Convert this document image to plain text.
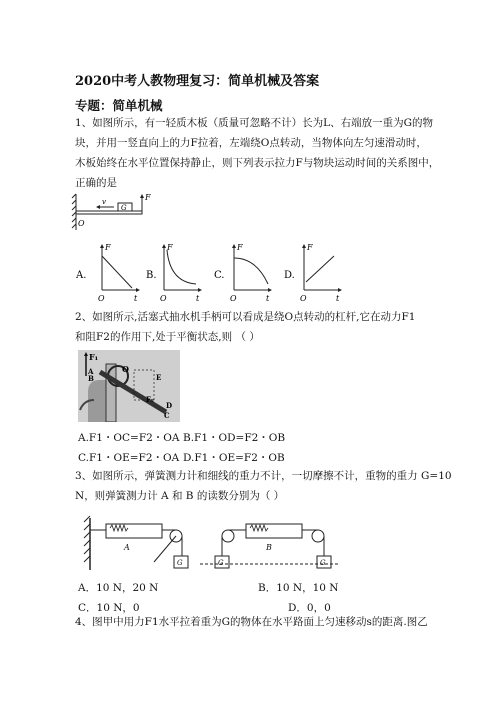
2020中考人教物理复习：简单机械及答案
专题：简单机械
1、如图所示，有一轻质木板（质量可忽略不计）长为L、右端放一重为G的物
块，并用一竖直向上的力F拉着，左端绕O点转动，当物体向左匀速滑动时，
木板始终在水平位置保持静止，则下列表示拉力F与物块运动时间的关系图中，
正确的是
G
F
v
O
A.
F
O	t
B.
F
O	t
C.
F
O	t
D.
F
O	t
2、如图所示,活塞式抽水机手柄可以看成是绕O点转动的杠杆,它在动力F1
和阻F2的作用下,处于平衡状态,则 （ ）
F₁
A
B
O
E
D
C
F₂
A.F1・OC=F2・OA B.F1・OD=F2・OB
C.F1・OE=F2・OA D.F1・OE=F2・OB
3、如图所示，弹簧测力计和细线的重力不计，一切摩擦不计，重物的重力 G=10
N，则弹簧测力计 A 和 B 的读数分别为（ ）
A
G
B
G	G
A．10 N，20 N	B．10 N，10 N
C．10 N，0	D．0，0
4、图甲中用力F1水平拉着重为G的物体在水平路面上匀速移动s的距离.图乙
